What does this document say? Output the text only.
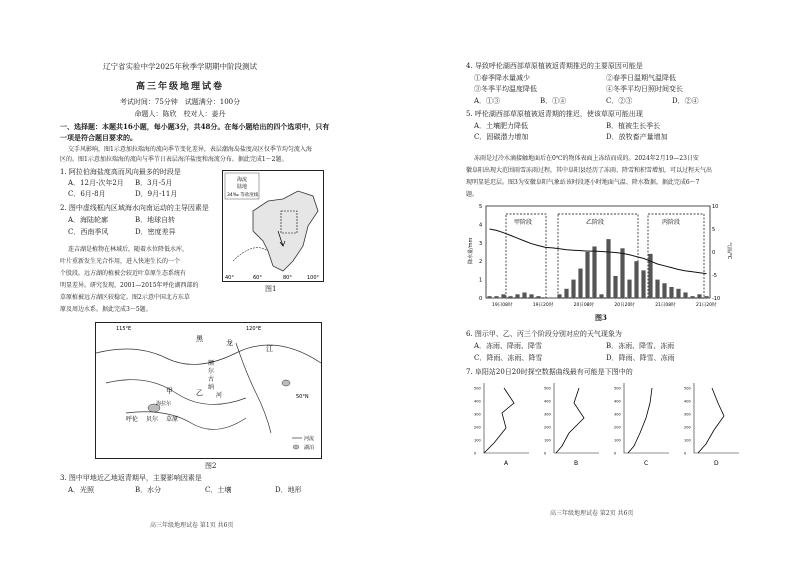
辽宁省实验中学2025年秋季学期期中阶段测试
高三年级地理试卷
考试时间：75分钟　试题满分：100分
命题人：陈欣　校对人：姜丹
一、选择题：本题共16小题，每小题3分，共48分。在每小题给出的四个选项中，只有
一项是符合题目要求的。
交手风影响，图1示意加拉瑞海的流向季节变化差异，表层潮海岛盐度高区仅季节均匀流入海
区的。图1示意加拉瑞海的流向与季节日表层海洋盐度和海流分布。据此完成1～2题。
1. 阿拉伯海盐度高而风向最多的时段是
A．12月-次年2月 B．3月-5月
C．6月-8月	D．9月-11月
2. 图中虚线框内区域海水向南运动的主导因素是
A．海陆轮廓	B．地球自转
C．西南季风	D．密度差异
海流
陆地
34‰ 等盐度线
40°	60°	80°	100°
图1
连吉湖是植物在林域后，随着水位降低水库，
叶片重新发生光合作用，进入快速生长的一个
个股段。远方湖的植被会较近叶草原生态系统有
明显差异。研究发现，2001—2015年呼伦湖西部的
草原植被远方湖区较稳定。图2示意中国北方东草
原及周边水系。据此完成3～5题。
黑	龙
江
额
尔
古
纳
河
甲	乙
呼伦 贝尔 草原
海拉尔
50°N
115°E	120°E
河流
湖泊
图2
3. 图中甲地近乙地返青期早，主要影响因素是
A．光照	B．水分	C．土壤	D．地形
高三年级地理试卷 第1页 共6页
4. 导致呼伦湖西部草原植被返青期推迟的主要原因可能是
①春季降水量减少	②春季日温期气温降低
③冬季平均温度降低	④冬季平均日照时间变长
A．①③	B．①④	C．②③	D．②④
5. 呼伦湖西部草原植被返青期的推迟，使该草原可能出现
A．土壤肥力降低	B．植被生长季长
C．固碳潜力增加	D．放牧畜产量增加
冻雨是过冷水滴接触地面后在0℃的物体表面上冻结而成的。2024年2月19—23日安
徽阜阳出现大范围雨雪冻雨过程，其中阜阳县经历了冻雨、降雪和积雪增加，可以过程天气出
现明显延迟层。图3为安徽阜阳气象站该时段逐小时地面气温、降水数据。据此完成6～7
题。
0
1
2
3
4
5
-10
-5
0
5
10
19日08时	19日20时	20日08时	20日20时	21日08时	21日20时
甲阶段	乙阶段	丙阶段
降水量/mm	气温/℃
图3
6. 图示甲、乙、丙三个阶段分别对应的天气现象为
A．冻雨、降雨、降雪	B．冻雨、降雪、冻雨
C．降雨、冻雨、降雪	D．降雨、降雪、冻雨
7. 阜阳站20日20时探空数据曲线最有可能是下图中的
0
100
200
300
400
500
A
0
100
200
300
400
500
B
0
100
200
300
400
500
C
0
100
200
300
400
500
D
高三年级地理试卷 第2页 共6页
